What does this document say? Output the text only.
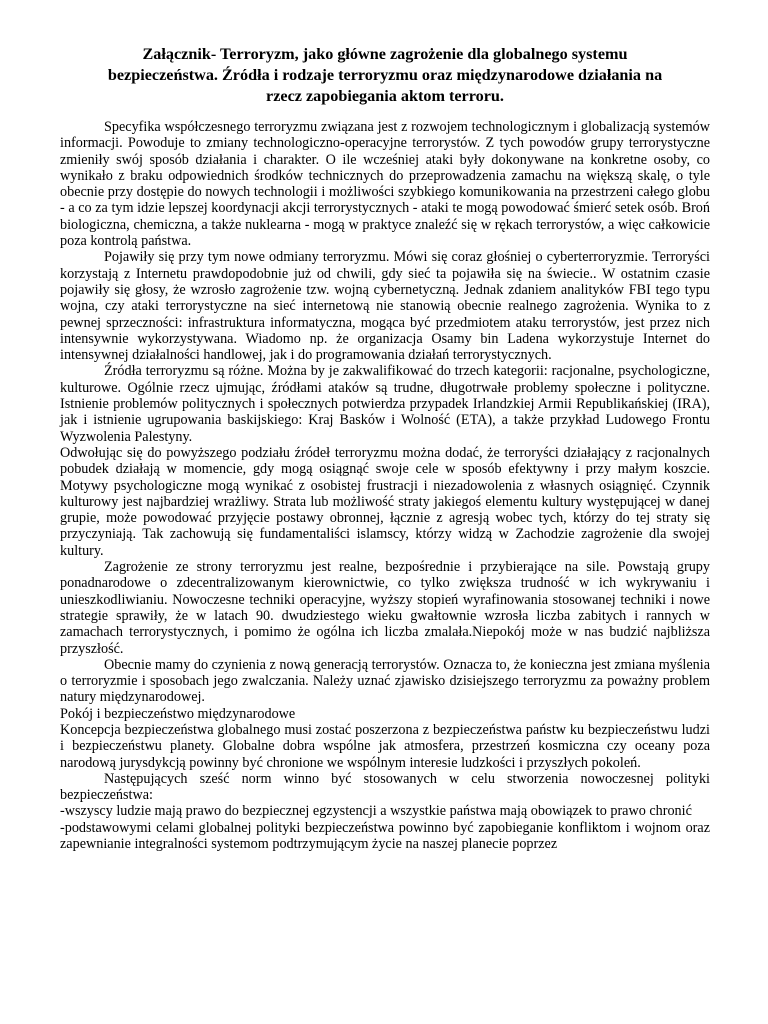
Załącznik- Terroryzm, jako główne zagrożenie dla globalnego systemu
bezpieczeństwa. Źródła i rodzaje terroryzmu oraz międzynarodowe działania na
rzecz zapobiegania aktom terroru.

Specyfika współczesnego terroryzmu związana jest z rozwojem technologicznym i globalizacją systemów informacji. Powoduje to zmiany technologiczno-operacyjne terrorystów. Z tych powodów grupy terrorystyczne zmieniły swój sposób działania i charakter. O ile wcześniej ataki były dokonywane na konkretne osoby, co wynikało z braku odpowiednich środków technicznych do przeprowadzenia zamachu na większą skalę, o tyle obecnie przy dostępie do nowych technologii i możliwości szybkiego komunikowania na przestrzeni całego globu - a co za tym idzie lepszej koordynacji akcji terrorystycznych - ataki te mogą powodować śmierć setek osób. Broń biologiczna, chemiczna, a także nuklearna - mogą w praktyce znaleźć się w rękach terrorystów, a więc całkowicie poza kontrolą państwa.

Pojawiły się przy tym nowe odmiany terroryzmu. Mówi się coraz głośniej o cyberterroryzmie. Terroryści korzystają z Internetu prawdopodobnie już od chwili, gdy sieć ta pojawiła się na świecie.. W ostatnim czasie pojawiły się głosy, że wzrosło zagrożenie tzw. wojną cybernetyczną. Jednak zdaniem analityków FBI tego typu wojna, czy ataki terrorystyczne na sieć internetową nie stanowią obecnie realnego zagrożenia. Wynika to z pewnej sprzeczności: infrastruktura informatyczna, mogąca być przedmiotem ataku terrorystów, jest przez nich intensywnie wykorzystywana. Wiadomo np. że organizacja Osamy bin Ladena wykorzystuje Internet do intensywnej działalności handlowej, jak i do programowania działań terrorystycznych.

Źródła terroryzmu są różne. Można by je zakwalifikować do trzech kategorii: racjonalne, psychologiczne, kulturowe. Ogólnie rzecz ujmując, źródłami ataków są trudne, długotrwałe problemy społeczne i polityczne. Istnienie problemów politycznych i społecznych potwierdza przypadek Irlandzkiej Armii Republikańskiej (IRA), jak i istnienie ugrupowania baskijskiego: Kraj Basków i Wolność (ETA), a także przykład Ludowego Frontu Wyzwolenia Palestyny.

Odwołując się do powyższego podziału źródeł terroryzmu można dodać, że terroryści działający z racjonalnych pobudek działają w momencie, gdy mogą osiągnąć swoje cele w sposób efektywny i przy małym koszcie. Motywy psychologiczne mogą wynikać z osobistej frustracji i niezadowolenia z własnych osiągnięć. Czynnik kulturowy jest najbardziej wrażliwy. Strata lub możliwość straty jakiegoś elementu kultury występującej w danej grupie, może powodować przyjęcie postawy obronnej, łącznie z agresją wobec tych, którzy do tej straty się przyczyniają. Tak zachowują się fundamentaliści islamscy, którzy widzą w Zachodzie zagrożenie dla swojej kultury.

Zagrożenie ze strony terroryzmu jest realne, bezpośrednie i przybierające na sile. Powstają grupy ponadnarodowe o zdecentralizowanym kierownictwie, co tylko zwiększa trudność w ich wykrywaniu i unieszkodliwianiu. Nowoczesne techniki operacyjne, wyższy stopień wyrafinowania stosowanej techniki i nowe strategie sprawiły, że w latach 90. dwudziestego wieku gwałtownie wzrosła liczba zabitych i rannych w zamachach terrorystycznych, i pomimo że ogólna ich liczba zmalała.Niepokój może w nas budzić najbliższa przyszłość.

Obecnie mamy do czynienia z nową generacją terrorystów. Oznacza to, że konieczna jest zmiana myślenia o terroryzmie i sposobach jego zwalczania. Należy uznać zjawisko dzisiejszego terroryzmu za poważny problem natury międzynarodowej.

Pokój i bezpieczeństwo międzynarodowe

Koncepcja bezpieczeństwa globalnego musi zostać poszerzona z bezpieczeństwa państw ku bezpieczeństwu ludzi i bezpieczeństwu planety. Globalne dobra wspólne jak atmosfera, przestrzeń kosmiczna czy oceany poza narodową jurysdykcją powinny być chronione we wspólnym interesie ludzkości i przyszłych pokoleń.

Następujących sześć norm winno być stosowanych w celu stworzenia nowoczesnej polityki bezpieczeństwa:

-wszyscy ludzie mają prawo do bezpiecznej egzystencji a wszystkie państwa mają obowiązek to prawo chronić

-podstawowymi celami globalnej polityki bezpieczeństwa powinno być zapobieganie konfliktom i wojnom oraz zapewnianie integralności systemom podtrzymującym życie na naszej planecie poprzez
